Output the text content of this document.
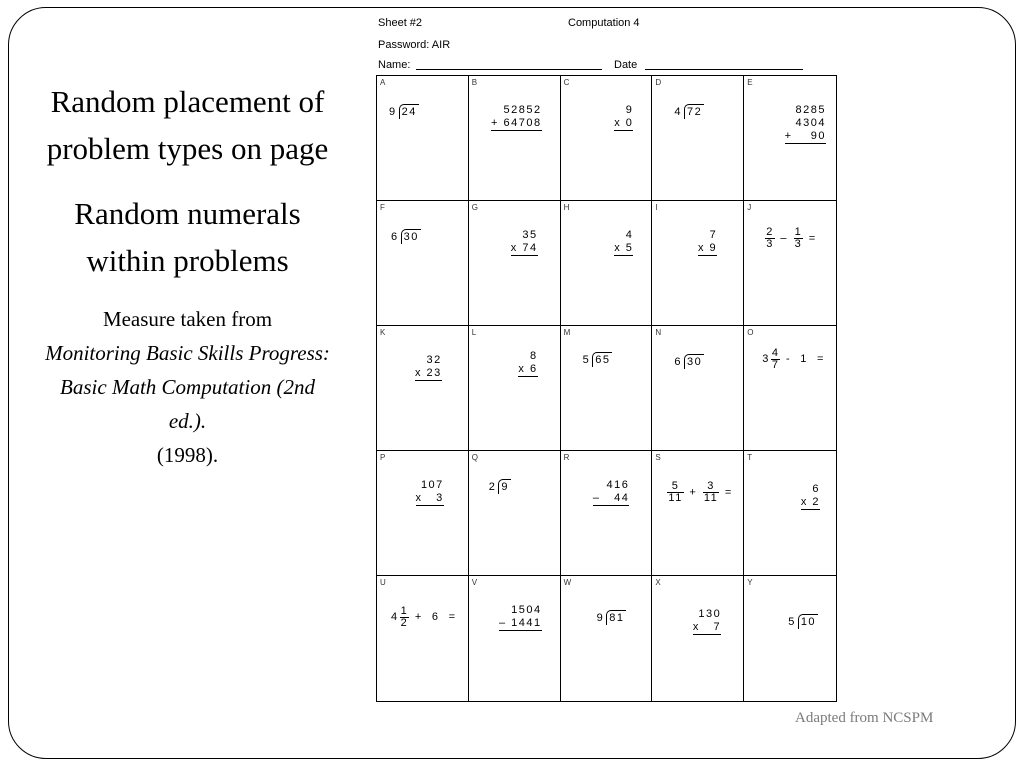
Random placement of problem types on page
Random numerals within problems
Measure taken from
Monitoring Basic Skills Progress: Basic Math Computation (2nd ed.).
(1998).
Adapted from NCSPM
Sheet #2	Computation 4
Password: AIR
Name:	Date
A
9 24
B
52852
+ 64708
C
9
x 0
D
4 72
E
8285
4304
+    90
F
6 30
G
35
x 74
H
4
x 5
I
7
x 9
J
$\frac{2}{3} - \frac{1}{3}$ =
K
32
x 23
L
8
x 6
M
5 65
N
6 30
O
$3 \frac{4}{7} - 1$  =
P
107
x   3
Q
2 9
R
416
–   44
S
$\frac{5}{11} + \frac{3}{11}$ =
T
6
x 2
U
$4 \frac{1}{2} + 6$  =
V
1504
– 1441
W
9 81
X
130
x   7
Y
5 10
